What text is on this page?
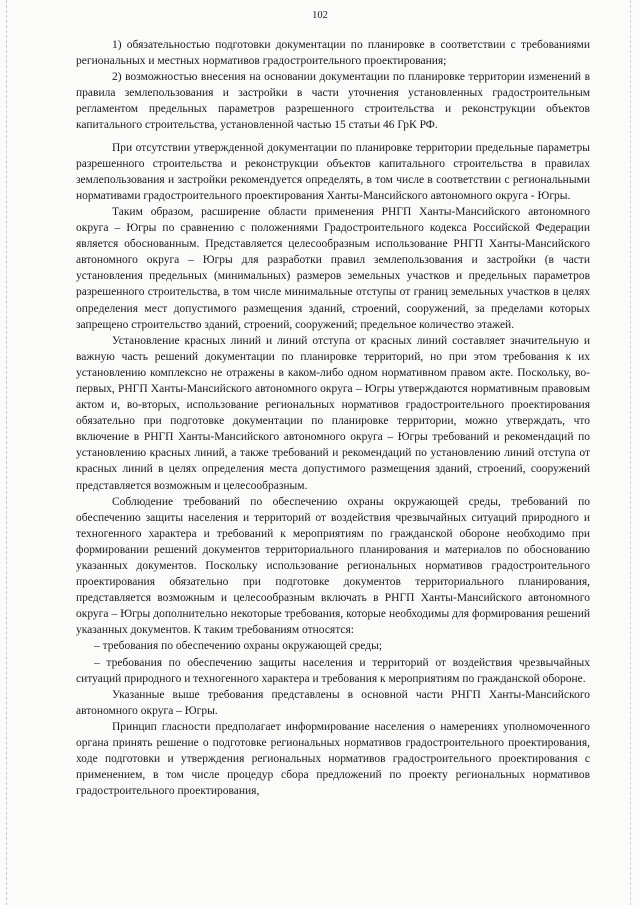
102

1) обязательностью подготовки документации по планировке в соответствии с требованиями региональных и местных нормативов градостроительного проектирования;

2) возможностью внесения на основании документации по планировке территории изменений в правила землепользования и застройки в части уточнения установленных градостроительным регламентом предельных параметров разрешенного строительства и реконструкции объектов капитального строительства, установленной частью 15 статьи 46 ГрК РФ.

При отсутствии утвержденной документации по планировке территории предельные параметры разрешенного строительства и реконструкции объектов капитального строительства в правилах землепользования и застройки рекомендуется определять, в том числе в соответствии с региональными нормативами градостроительного проектирования Ханты-Мансийского автономного округа - Югры.

Таким образом, расширение области применения РНГП Ханты-Мансийского автономного округа – Югры по сравнению с положениями Градостроительного кодекса Российской Федерации является обоснованным. Представляется целесообразным использование РНГП Ханты-Мансийского автономного округа – Югры для разработки правил землепользования и застройки (в части установления предельных (минимальных) размеров земельных участков и предельных параметров разрешенного строительства, в том числе минимальные отступы от границ земельных участков в целях определения мест допустимого размещения зданий, строений, сооружений, за пределами которых запрещено строительство зданий, строений, сооружений; предельное количество этажей.

Установление красных линий и линий отступа от красных линий составляет значительную и важную часть решений документации по планировке территорий, но при этом требования к их установлению комплексно не отражены в каком-либо одном нормативном правом акте. Поскольку, во-первых, РНГП Ханты-Мансийского автономного округа – Югры утверждаются нормативным правовым актом и, во-вторых, использование региональных нормативов градостроительного проектирования обязательно при подготовке документации по планировке территории, можно утверждать, что включение в РНГП Ханты-Мансийского автономного округа – Югры требований и рекомендаций по установлению красных линий, а также требований и рекомендаций по установлению линий отступа от красных линий в целях определения места допустимого размещения зданий, строений, сооружений представляется возможным и целесообразным.

Соблюдение требований по обеспечению охраны окружающей среды, требований по обеспечению защиты населения и территорий от воздействия чрезвычайных ситуаций природного и техногенного характера и требований к мероприятиям по гражданской обороне необходимо при формировании решений документов территориального планирования и материалов по обоснованию указанных документов. Поскольку использование региональных нормативов градостроительного проектирования обязательно при подготовке документов территориального планирования, представляется возможным и целесообразным включать в РНГП Ханты-Мансийского автономного округа – Югры дополнительно некоторые требования, которые необходимы для формирования решений указанных документов. К таким требованиям относятся:

– требования по обеспечению охраны окружающей среды;

– требования по обеспечению защиты населения и территорий от воздействия чрезвычайных ситуаций природного и техногенного характера и требования к мероприятиям по гражданской обороне.

Указанные выше требования представлены в основной части РНГП Ханты-Мансийского автономного округа – Югры.

Принцип гласности предполагает информирование населения о намерениях уполномоченного органа принять решение о подготовке региональных нормативов градостроительного проектирования, ходе подготовки и утверждения региональных нормативов градостроительного проектирования с применением, в том числе процедур сбора предложений по проекту региональных нормативов градостроительного проектирования,
